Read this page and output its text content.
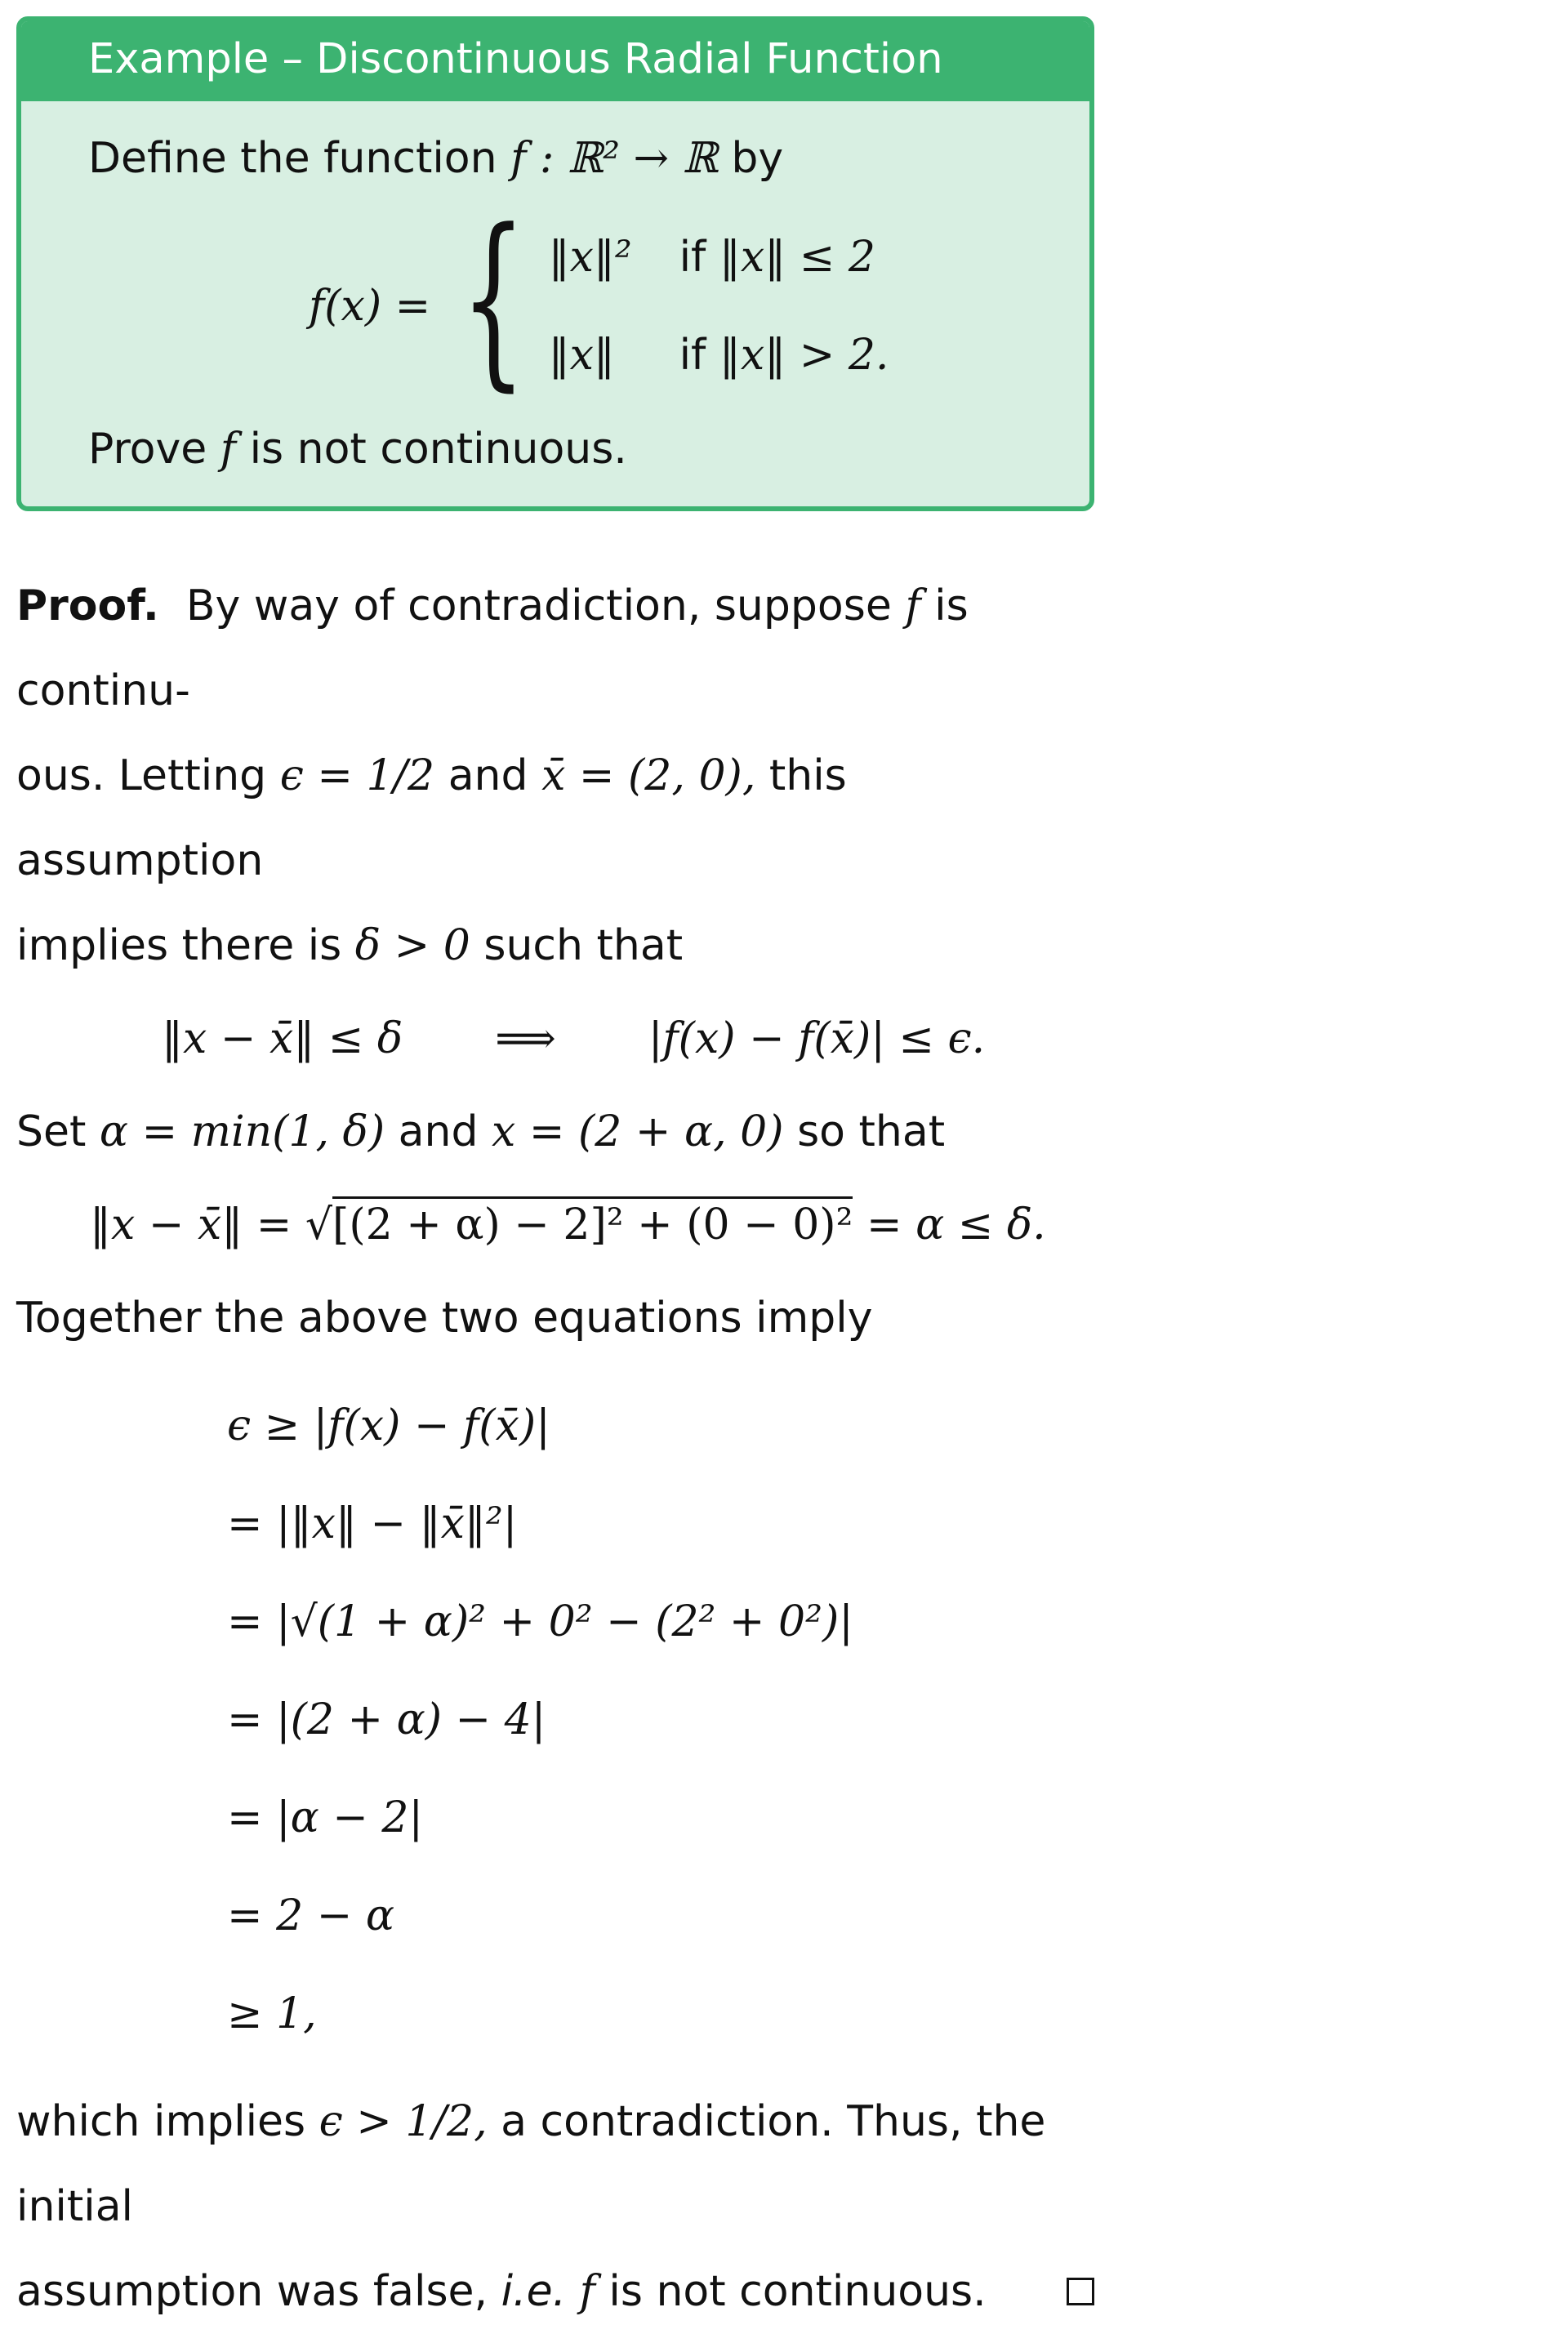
Example – Discontinuous Radial Function
Define the function f : ℝ² → ℝ by
f(x) = { ‖x‖²	if ‖x‖ ≤ 2
‖x‖	if ‖x‖ > 2.
Prove f is not continuous.

Proof. By way of contradiction, suppose f is continu-
ous. Letting ϵ = 1/2 and x̄ = (2, 0), this assumption
implies there is δ > 0 such that

‖x − x̄‖ ≤ δ ⟹ |f(x) − f(x̄)| ≤ ϵ.

Set α = min(1, δ) and x = (2 + α, 0) so that

‖x − x̄‖ = √[(2 + α) − 2]² + (0 − 0)² = α ≤ δ.

Together the above two equations imply

ϵ ≥ |f(x) − f(x̄)|
= |‖x‖ − ‖x̄‖²|
= |√(1 + α)² + 0² − (2² + 0²)|
= |(2 + α) − 4|
= |α − 2|
= 2 − α
≥ 1,

which implies ϵ > 1/2, a contradiction. Thus, the initial
assumption was false, i.e. f is not continuous.
